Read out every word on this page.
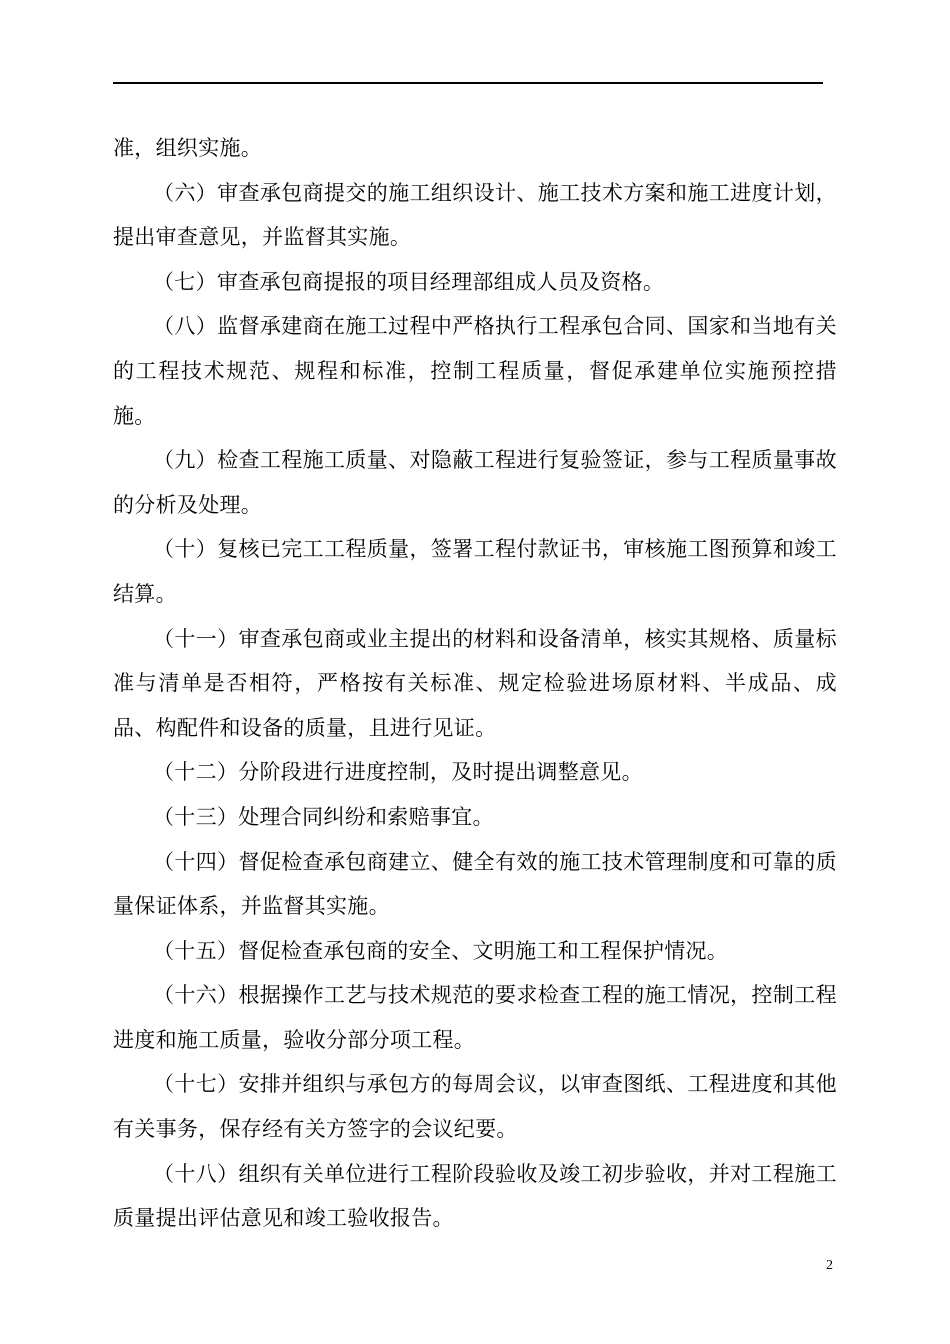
准，组织实施。

（六）审查承包商提交的施工组织设计、施工技术方案和施工进度计划，提出审查意见，并监督其实施。

（七）审查承包商提报的项目经理部组成人员及资格。

（八）监督承建商在施工过程中严格执行工程承包合同、国家和当地有关的工程技术规范、规程和标准，控制工程质量，督促承建单位实施预控措施。

（九）检查工程施工质量、对隐蔽工程进行复验签证，参与工程质量事故的分析及处理。

（十）复核已完工工程质量，签署工程付款证书，审核施工图预算和竣工结算。

（十一）审查承包商或业主提出的材料和设备清单，核实其规格、质量标准与清单是否相符，严格按有关标准、规定检验进场原材料、半成品、成品、构配件和设备的质量，且进行见证。

（十二）分阶段进行进度控制，及时提出调整意见。

（十三）处理合同纠纷和索赔事宜。

（十四）督促检查承包商建立、健全有效的施工技术管理制度和可靠的质量保证体系，并监督其实施。

（十五）督促检查承包商的安全、文明施工和工程保护情况。

（十六）根据操作工艺与技术规范的要求检查工程的施工情况，控制工程进度和施工质量，验收分部分项工程。

（十七）安排并组织与承包方的每周会议，以审查图纸、工程进度和其他有关事务，保存经有关方签字的会议纪要。

（十八）组织有关单位进行工程阶段验收及竣工初步验收，并对工程施工质量提出评估意见和竣工验收报告。

2
